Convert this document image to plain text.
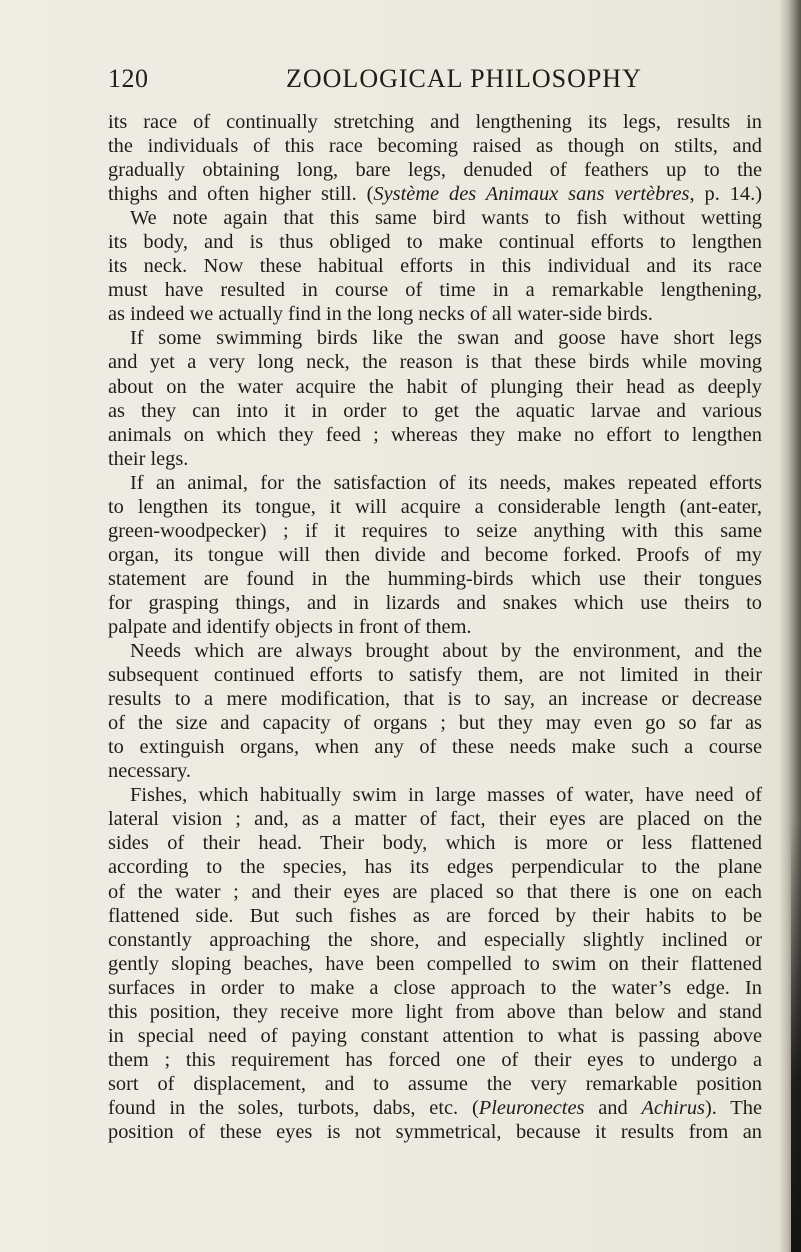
120	ZOOLOGICAL PHILOSOPHY
its race of continually stretching and lengthening its legs, results in
the individuals of this race becoming raised as though on stilts, and
gradually obtaining long, bare legs, denuded of feathers up to the
thighs and often higher still. (Système des Animaux sans vertèbres, p. 14.)
We note again that this same bird wants to fish without wetting
its body, and is thus obliged to make continual efforts to lengthen
its neck. Now these habitual efforts in this individual and its race
must have resulted in course of time in a remarkable lengthening,
as indeed we actually find in the long necks of all water-side birds.
If some swimming birds like the swan and goose have short legs
and yet a very long neck, the reason is that these birds while moving
about on the water acquire the habit of plunging their head as deeply
as they can into it in order to get the aquatic larvae and various
animals on which they feed ; whereas they make no effort to lengthen
their legs.
If an animal, for the satisfaction of its needs, makes repeated efforts
to lengthen its tongue, it will acquire a considerable length (ant-eater,
green-woodpecker) ; if it requires to seize anything with this same
organ, its tongue will then divide and become forked. Proofs of my
statement are found in the humming-birds which use their tongues
for grasping things, and in lizards and snakes which use theirs to
palpate and identify objects in front of them.
Needs which are always brought about by the environment, and the
subsequent continued efforts to satisfy them, are not limited in their
results to a mere modification, that is to say, an increase or decrease
of the size and capacity of organs ; but they may even go so far as
to extinguish organs, when any of these needs make such a course
necessary.
Fishes, which habitually swim in large masses of water, have need of
lateral vision ; and, as a matter of fact, their eyes are placed on the
sides of their head. Their body, which is more or less flattened
according to the species, has its edges perpendicular to the plane
of the water ; and their eyes are placed so that there is one on each
flattened side. But such fishes as are forced by their habits to be
constantly approaching the shore, and especially slightly inclined or
gently sloping beaches, have been compelled to swim on their flattened
surfaces in order to make a close approach to the water’s edge. In
this position, they receive more light from above than below and stand
in special need of paying constant attention to what is passing above
them ; this requirement has forced one of their eyes to undergo a
sort of displacement, and to assume the very remarkable position
found in the soles, turbots, dabs, etc. (Pleuronectes and Achirus). The
position of these eyes is not symmetrical, because it results from an
